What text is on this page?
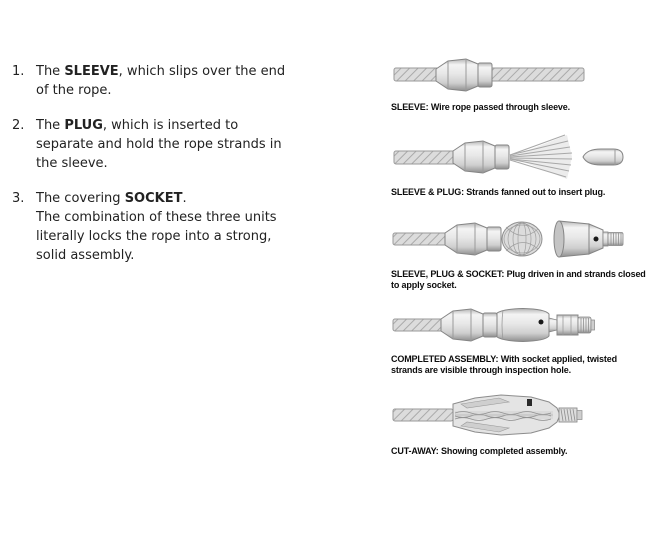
1. The SLEEVE, which slips over the end
of the rope.
2. The PLUG, which is inserted to
separate and hold the rope strands in
the sleeve.
3. The covering SOCKET.
The combination of these three units
literally locks the rope into a strong,
solid assembly.
SLEEVE: Wire rope passed through sleeve.
SLEEVE & PLUG: Strands fanned out to insert plug.
SLEEVE, PLUG & SOCKET: Plug driven in and strands closed to apply socket.
COMPLETED ASSEMBLY: With socket applied, twisted strands are visible through inspection hole.
CUT-AWAY: Showing completed assembly.
